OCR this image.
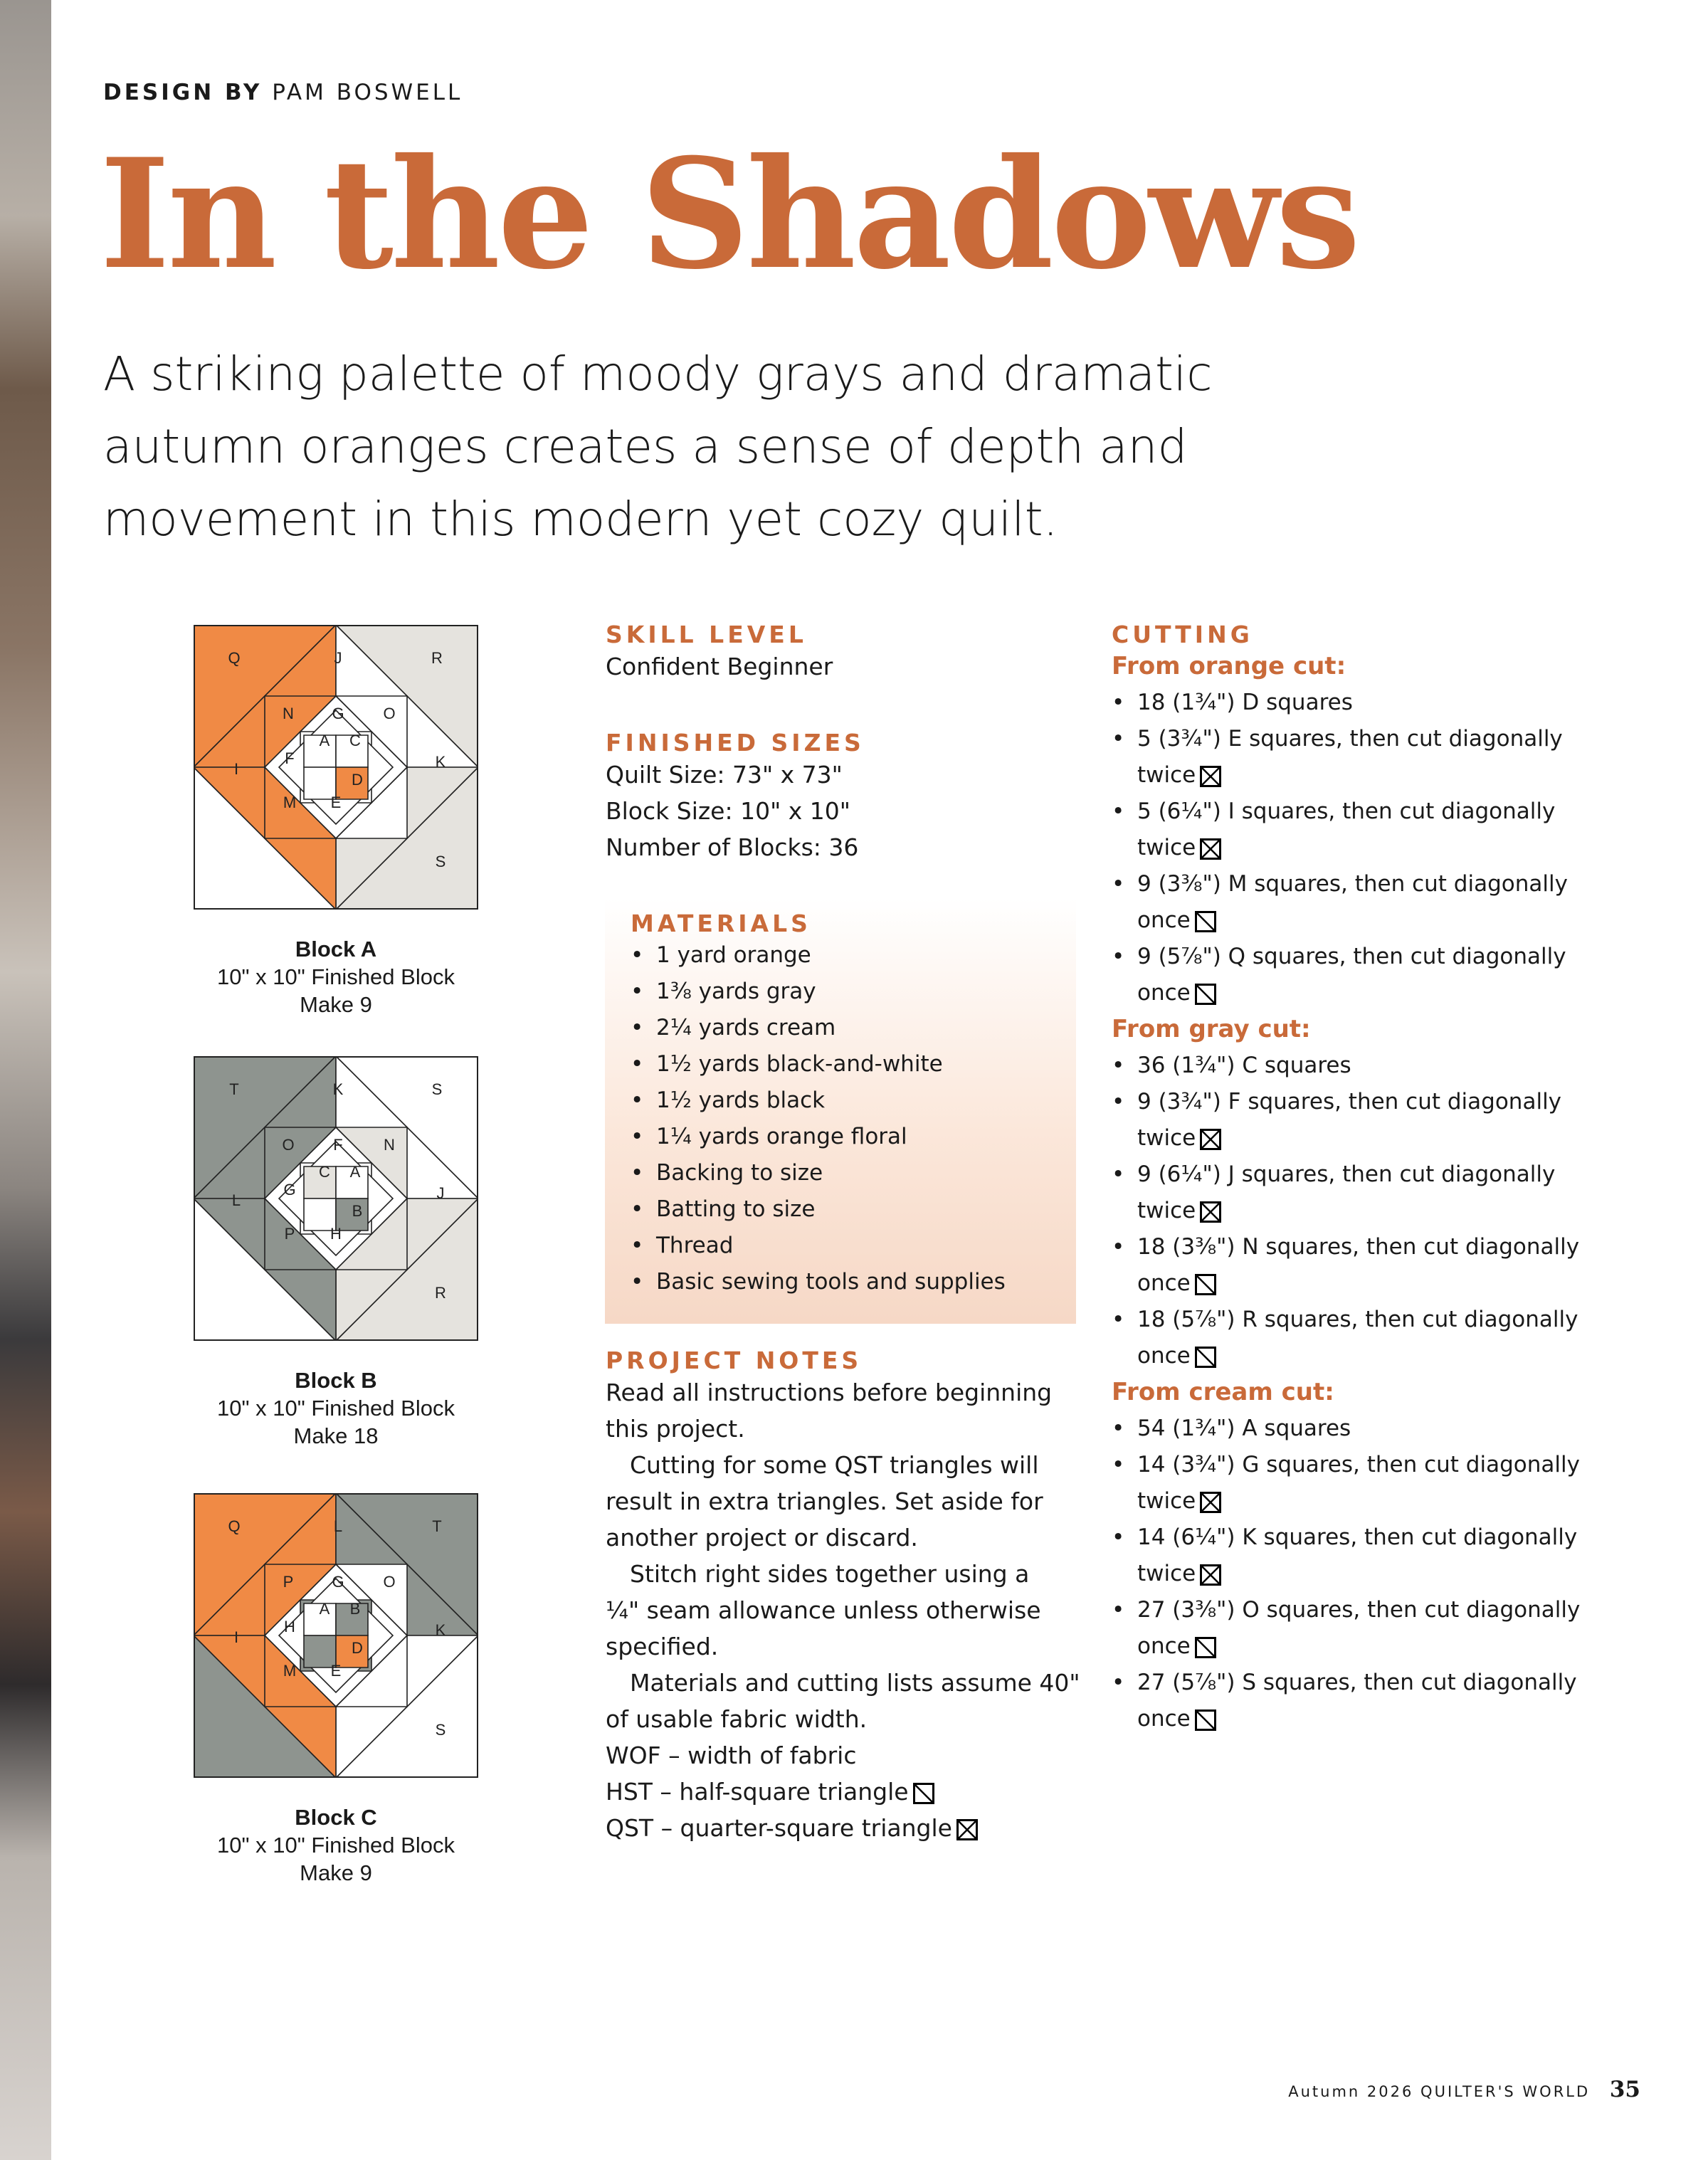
DESIGN BY PAM BOSWELL
In the Shadows
A striking palette of moody grays and dramatic
autumn oranges creates a sense of depth and
movement in this modern yet cozy quilt.
Q	J	R
N G O
A C
I
F	K
D
M E
S
Block A
10" x 10" Finished Block
Make 9
T	K	S
O F	N
C A
L
G	J
B
P H
R
Block B
10" x 10" Finished Block
Make 18
Q	L	T
P G O
A B
I
H	K
D
M E
S
Block C
10" x 10" Finished Block
Make 9
SKILL LEVEL
Confident Beginner
FINISHED SIZES
Quilt Size: 73" x 73"
Block Size: 10" x 10"
Number of Blocks: 36
MATERIALS
• 1 yard orange
• 1⅜ yards gray
• 2¼ yards cream
• 1½ yards black-and-white
• 1½ yards black
• 1¼ yards orange floral
• Backing to size
• Batting to size
• Thread
• Basic sewing tools and supplies
PROJECT NOTES
Read all instructions before beginning
this project.
Cutting for some QST triangles will
result in extra triangles. Set aside for
another project or discard.
Stitch right sides together using a
¼" seam allowance unless otherwise
specified.
Materials and cutting lists assume 40"
of usable fabric width.
WOF – width of fabric
HST – half-square triangle
QST – quarter-square triangle
CUTTING
From orange cut:
• 18 (1¾") D squares
• 5 (3¾") E squares, then cut diagonally
twice
• 5 (6¼") I squares, then cut diagonally
twice
• 9 (3⅜") M squares, then cut diagonally
once
• 9 (5⅞") Q squares, then cut diagonally
once
From gray cut:
• 36 (1¾") C squares
• 9 (3¾") F squares, then cut diagonally
twice
• 9 (6¼") J squares, then cut diagonally
twice
• 18 (3⅜") N squares, then cut diagonally
once
• 18 (5⅞") R squares, then cut diagonally
once
From cream cut:
• 54 (1¾") A squares
• 14 (3¾") G squares, then cut diagonally
twice
• 14 (6¼") K squares, then cut diagonally
twice
• 27 (3⅜") O squares, then cut diagonally
once
• 27 (5⅞") S squares, then cut diagonally
once
Autumn 2026 QUILTER'S WORLD 35
